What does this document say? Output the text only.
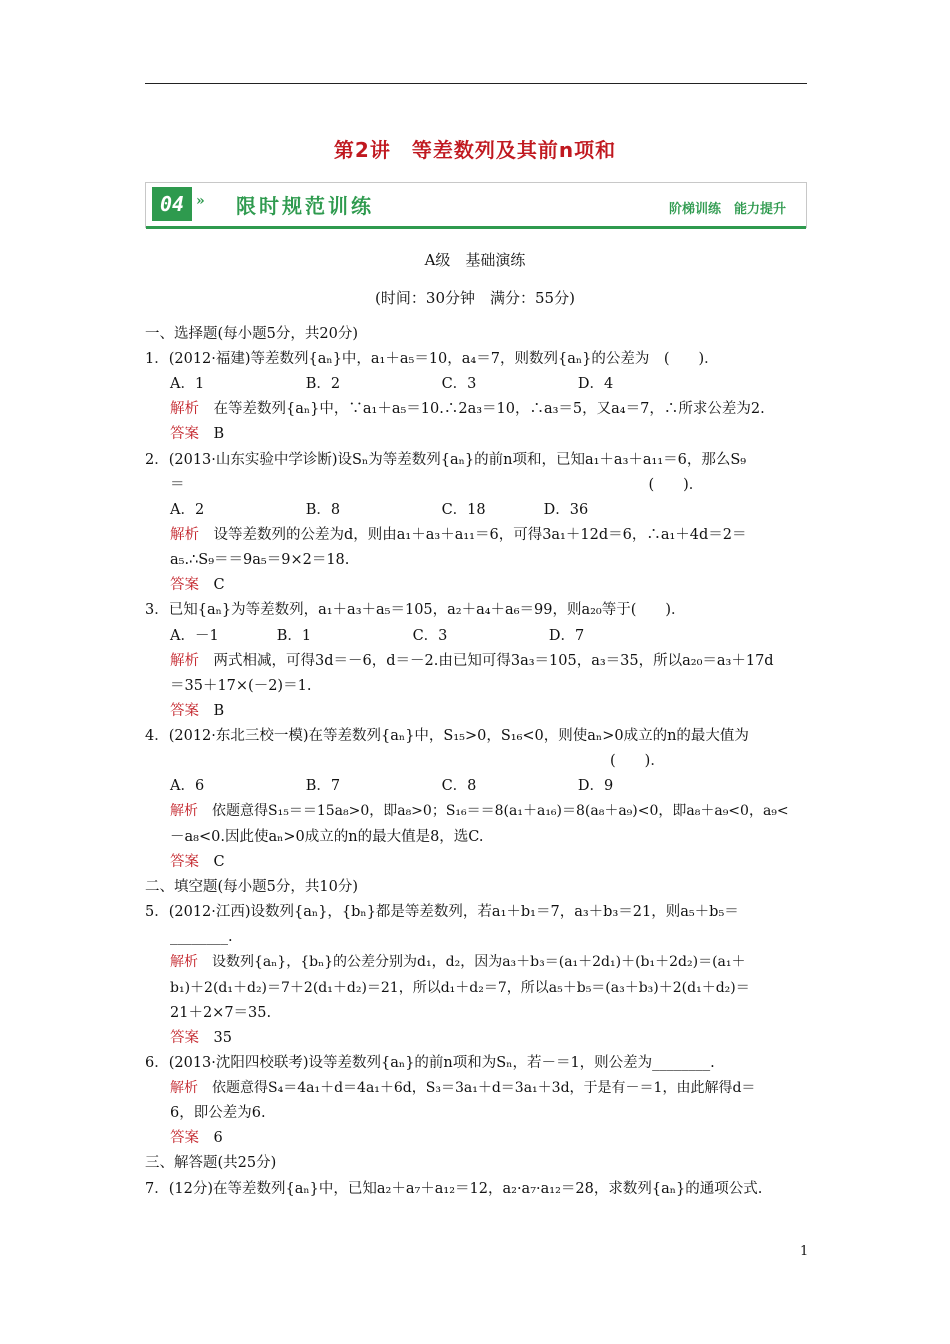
第2讲　等差数列及其前n项和
04 » 限时规范训练	阶梯训练　能力提升
A级　基础演练
(时间：30分钟　满分：55分)
一、选择题(每小题5分，共20分)
1．(2012·福建)等差数列{aₙ}中，a₁＋a₅＝10，a₄＝7，则数列{aₙ}的公差为　(　　)．
A．1　　　　　　　B．2　　　　　　　C．3　　　　　　　D．4
解析　在等差数列{aₙ}中，∵a₁＋a₅＝10.∴2a₃＝10，∴a₃＝5，又a₄＝7，∴所求公差为2.
答案　B
2．(2013·山东实验中学诊断)设Sₙ为等差数列{aₙ}的前n项和，已知a₁＋a₃＋a₁₁＝6，那么S₉
＝　　　　　　　　　　　　　　　　　　　　　　　　　　　　　　　　(　　)．
A．2　　　　　　　B．8　　　　　　　C．18　　　　D．36
解析　设等差数列的公差为d，则由a₁＋a₃＋a₁₁＝6，可得3a₁＋12d＝6，∴a₁＋4d＝2＝
a₅.∴S₉＝＝9a₅＝9×2＝18.
答案　C
3．已知{aₙ}为等差数列，a₁＋a₃＋a₅＝105，a₂＋a₄＋a₆＝99，则a₂₀等于(　　)．
A．－1　　　　B．1　　　　　　　C．3　　　　　　　D．7
解析　两式相减，可得3d＝－6，d＝－2.由已知可得3a₃＝105，a₃＝35，所以a₂₀＝a₃＋17d
＝35＋17×(－2)＝1.
答案　B
4．(2012·东北三校一模)在等差数列{aₙ}中，S₁₅>0，S₁₆<0，则使aₙ>0成立的n的最大值为
(　　)．
A．6　　　　　　　B．7　　　　　　　C．8　　　　　　　D．9
解析　依题意得S₁₅＝＝15a₈>0，即a₈>0；S₁₆＝＝8(a₁＋a₁₆)＝8(a₈＋a₉)<0，即a₈＋a₉<0，a₉<
－a₈<0.因此使aₙ>0成立的n的最大值是8，选C.
答案　C
二、填空题(每小题5分，共10分)
5．(2012·江西)设数列{aₙ}，{bₙ}都是等差数列，若a₁＋b₁＝7，a₃＋b₃＝21，则a₅＋b₅＝
________.
解析　设数列{aₙ}，{bₙ}的公差分别为d₁，d₂，因为a₃＋b₃＝(a₁＋2d₁)＋(b₁＋2d₂)＝(a₁＋
b₁)＋2(d₁＋d₂)＝7＋2(d₁＋d₂)＝21，所以d₁＋d₂＝7，所以a₅＋b₅＝(a₃＋b₃)＋2(d₁＋d₂)＝
21＋2×7＝35.
答案　35
6．(2013·沈阳四校联考)设等差数列{aₙ}的前n项和为Sₙ，若－＝1，则公差为________.
解析　依题意得S₄＝4a₁＋d＝4a₁＋6d，S₃＝3a₁＋d＝3a₁＋3d，于是有－＝1，由此解得d＝
6，即公差为6.
答案　6
三、解答题(共25分)
7．(12分)在等差数列{aₙ}中，已知a₂＋a₇＋a₁₂＝12，a₂·a₇·a₁₂＝28，求数列{aₙ}的通项公式.
1
